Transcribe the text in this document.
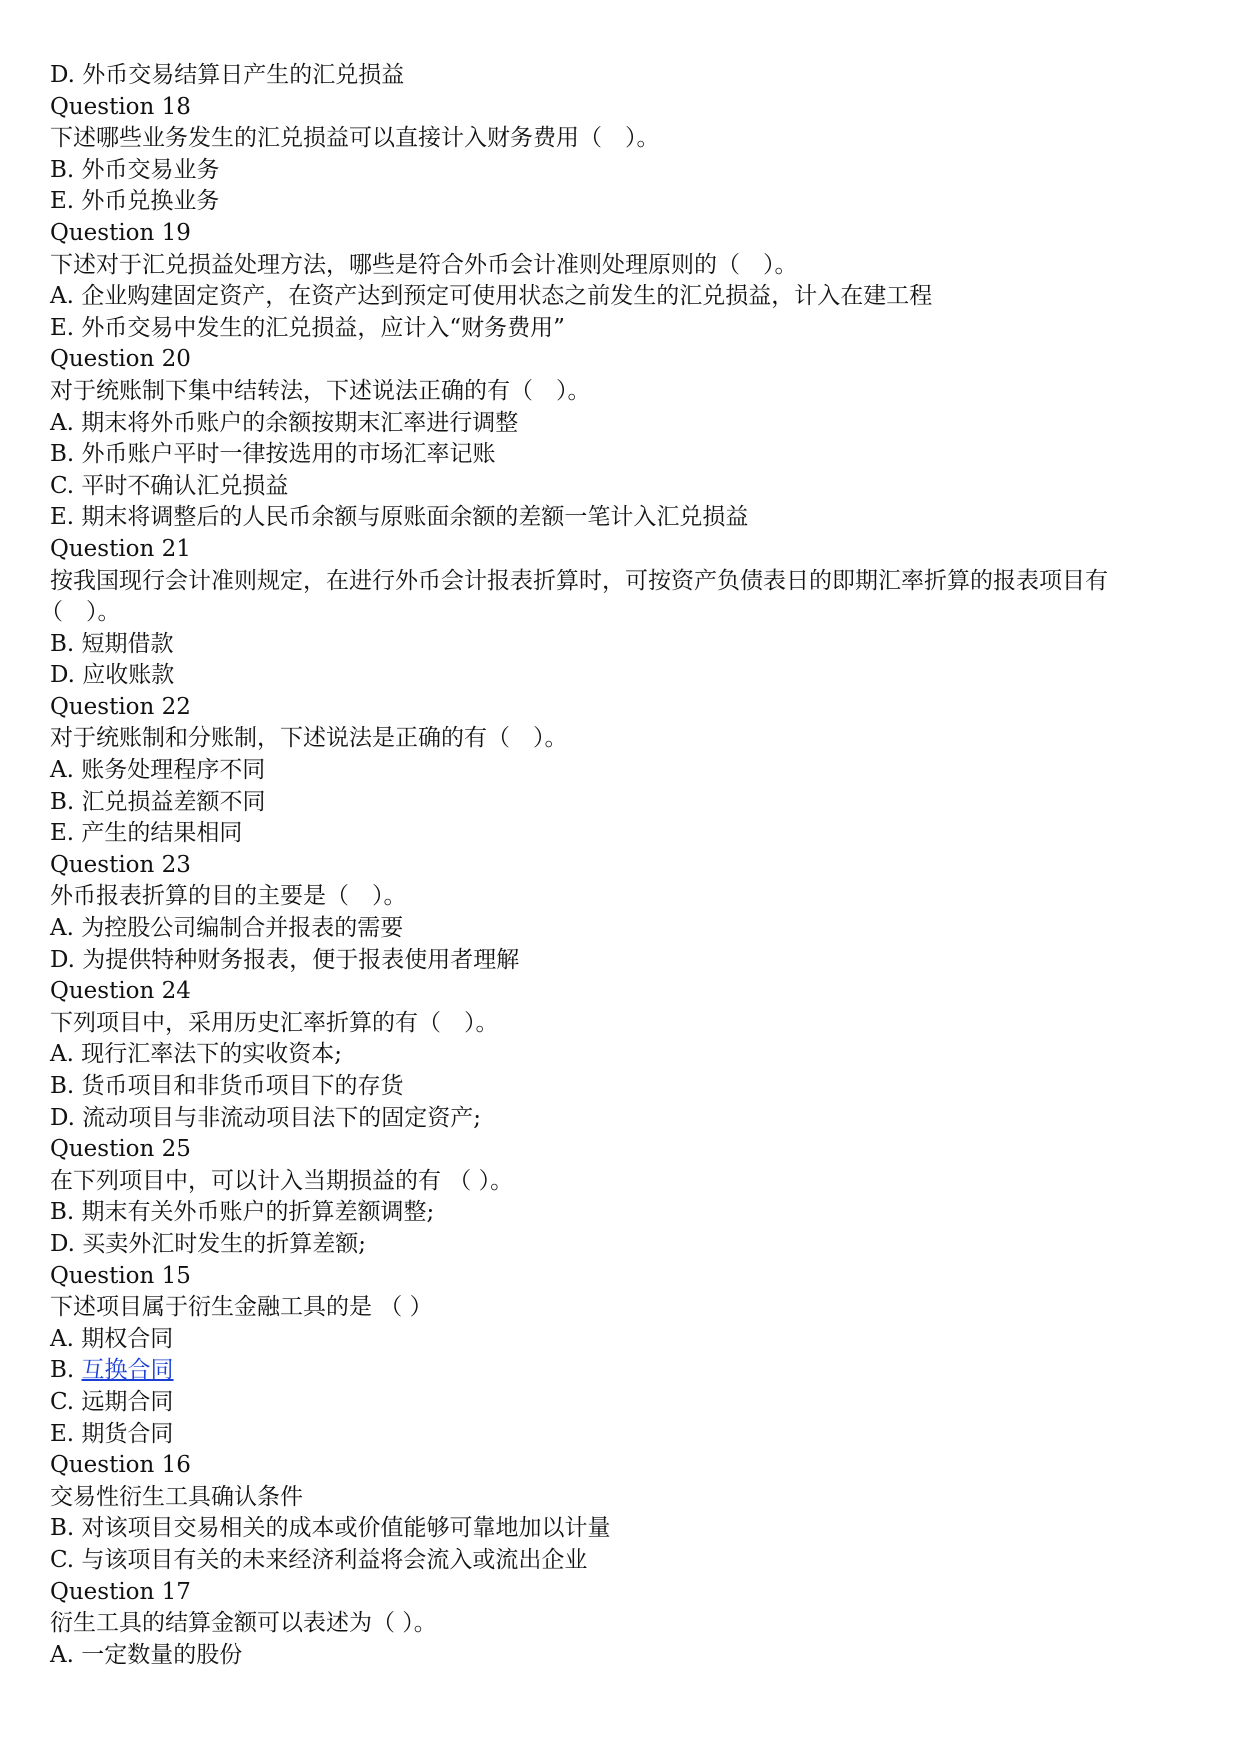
D. 外币交易结算日产生的汇兑损益
Question 18
下述哪些业务发生的汇兑损益可以直接计入财务费用（　）。
B. 外币交易业务
E. 外币兑换业务
Question 19
下述对于汇兑损益处理方法，哪些是符合外币会计准则处理原则的（　）。
A. 企业购建固定资产，在资产达到预定可使用状态之前发生的汇兑损益，计入在建工程
E. 外币交易中发生的汇兑损益，应计入“财务费用”
Question 20
对于统账制下集中结转法，下述说法正确的有（　）。
A. 期末将外币账户的余额按期末汇率进行调整
B. 外币账户平时一律按选用的市场汇率记账
C. 平时不确认汇兑损益
E. 期末将调整后的人民币余额与原账面余额的差额一笔计入汇兑损益
Question 21
按我国现行会计准则规定，在进行外币会计报表折算时，可按资产负债表日的即期汇率折算的报表项目有
（　）。
B. 短期借款
D. 应收账款
Question 22
对于统账制和分账制，下述说法是正确的有（　）。
A. 账务处理程序不同
B. 汇兑损益差额不同
E. 产生的结果相同
Question 23
外币报表折算的目的主要是（　）。
A. 为控股公司编制合并报表的需要
D. 为提供特种财务报表，便于报表使用者理解
Question 24
下列项目中，采用历史汇率折算的有（　）。
A. 现行汇率法下的实收资本;
B. 货币项目和非货币项目下的存货
D. 流动项目与非流动项目法下的固定资产;
Question 25
在下列项目中，可以计入当期损益的有 （ ）。
B. 期末有关外币账户的折算差额调整;
D. 买卖外汇时发生的折算差额;
Question 15
下述项目属于衍生金融工具的是 （ ）
A. 期权合同
B. 互换合同
C. 远期合同
E. 期货合同
Question 16
交易性衍生工具确认条件
B. 对该项目交易相关的成本或价值能够可靠地加以计量
C. 与该项目有关的未来经济利益将会流入或流出企业
Question 17
衍生工具的结算金额可以表述为（ ）。
A. 一定数量的股份
